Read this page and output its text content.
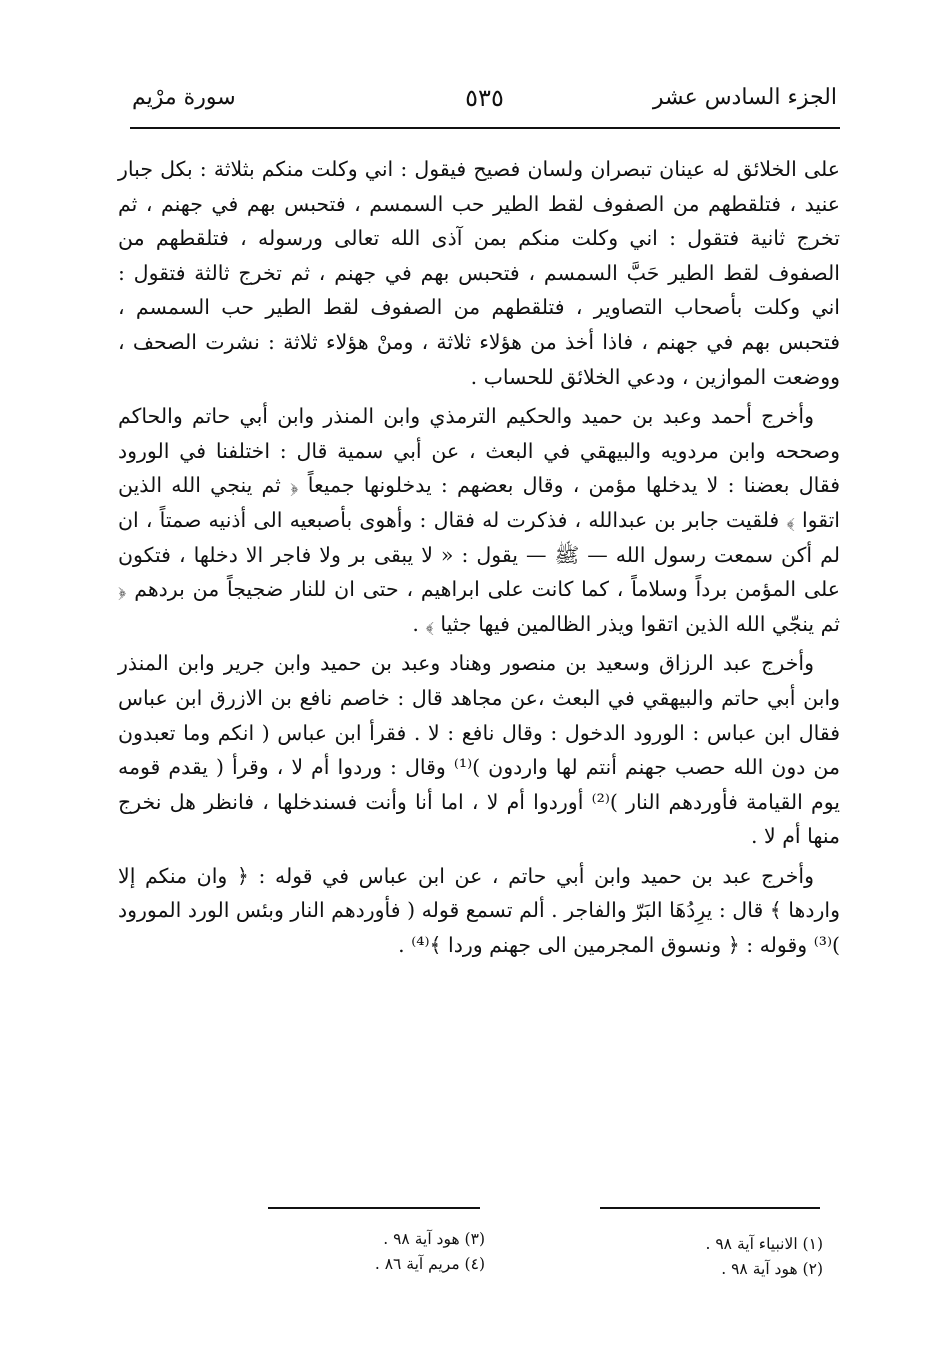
الجزء السادس عشر
٥٣٥
سورة مرْيم

على الخلائق له عينان تبصران ولسان فصيح فيقول : اني وكلت منكم بثلاثة : بكل جبار عنيد ، فتلقطهم من الصفوف لقط الطير حب السمسم ، فتحبس بهم في جهنم ، ثم تخرج ثانية فتقول : اني وكلت منكم بمن آذى الله تعالى ورسوله ، فتلقطهم من الصفوف لقط الطير حَبَّ السمسم ، فتحبس بهم في جهنم ، ثم تخرج ثالثة فتقول : اني وكلت بأصحاب التصاوير ، فتلقطهم من الصفوف لقط الطير حب السمسم ، فتحبس بهم في جهنم ، فاذا أخذ من هؤلاء ثلاثة ، ومنْ هؤلاء ثلاثة : نشرت الصحف ، ووضعت الموازين ، ودعي الخلائق للحساب .

وأخرج أحمد وعبد بن حميد والحكيم الترمذي وابن المنذر وابن أبي حاتم والحاكم وصححه وابن مردويه والبيهقي في البعث ، عن أبي سمية قال : اختلفنا في الورود فقال بعضنا : لا يدخلها مؤمن ، وقال بعضهم : يدخلونها جميعاً ﴿ ثم ينجي الله الذين اتقوا ﴾ فلقيت جابر بن عبدالله ، فذكرت له فقال : وأهوى بأصبعيه الى أذنيه صمتاً ، ان لم أكن سمعت رسول الله — ﷺ — يقول : « لا يبقى بر ولا فاجر الا دخلها ، فتكون على المؤمن برداً وسلاماً ، كما كانت على ابراهيم ، حتى ان للنار ضجيجاً من بردهم ﴿ ثم ينجّي الله الذين اتقوا ويذر الظالمين فيها جثيا ﴾ .

وأخرج عبد الرزاق وسعيد بن منصور وهناد وعبد بن حميد وابن جرير وابن المنذر وابن أبي حاتم والبيهقي في البعث ،عن مجاهد قال : خاصم نافع بن الازرق ابن عباس فقال ابن عباس : الورود الدخول : وقال نافع : لا . فقرأ ابن عباس ( انكم وما تعبدون من دون الله حصب جهنم أنتم لها واردون )⁽¹⁾ وقال : وردوا أم لا ، وقرأ ( يقدم قومه يوم القيامة فأوردهم النار )⁽²⁾ أوردوا أم لا ، اما أنا وأنت فسندخلها ، فانظر هل نخرج منها أم لا .

وأخرج عبد بن حميد وابن أبي حاتم ، عن ابن عباس في قوله : ﴿ وان منكم إلا واردها ﴾ قال : يرِدُهَا البَرّ والفاجر . ألم تسمع قوله ( فأوردهم النار وبئس الورد المورود )⁽³⁾ وقوله : ﴿ ونسوق المجرمين الى جهنم وردا ﴾⁽⁴⁾ .

(١) الانبياء آية ٩٨ .
(٢) هود آية ٩٨ .
(٣) هود آية ٩٨ .
(٤) مريم آية ٨٦ .
